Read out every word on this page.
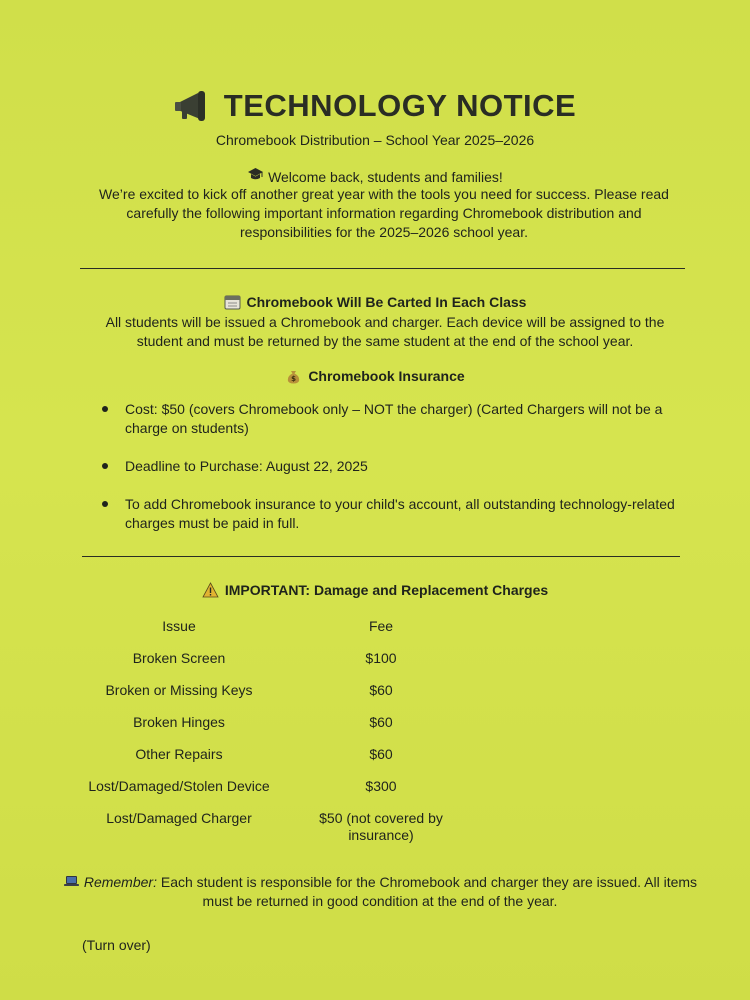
TECHNOLOGY NOTICE
Chromebook Distribution – School Year 2025–2026
Welcome back, students and families!
We’re excited to kick off another great year with the tools you need for success. Please read carefully the following important information regarding Chromebook distribution and responsibilities for the 2025–2026 school year.
Chromebook Will Be Carted In Each Class
All students will be issued a Chromebook and charger. Each device will be assigned to the student and must be returned by the same student at the end of the school year.
$ Chromebook Insurance
Cost: $50 (covers Chromebook only – NOT the charger) (Carted Chargers will not be a charge on students)
Deadline to Purchase: August 22, 2025
To add Chromebook insurance to your child's account, all outstanding technology-related charges must be paid in full.
IMPORTANT: Damage and Replacement Charges
Issue	Fee
Broken Screen	$100
Broken or Missing Keys	$60
Broken Hinges	$60
Other Repairs	$60
Lost/Damaged/Stolen Device	$300
Lost/Damaged Charger	$50 (not covered by insurance)
Remember: Each student is responsible for the Chromebook and charger they are issued. All items must be returned in good condition at the end of the year.
(Turn over)
